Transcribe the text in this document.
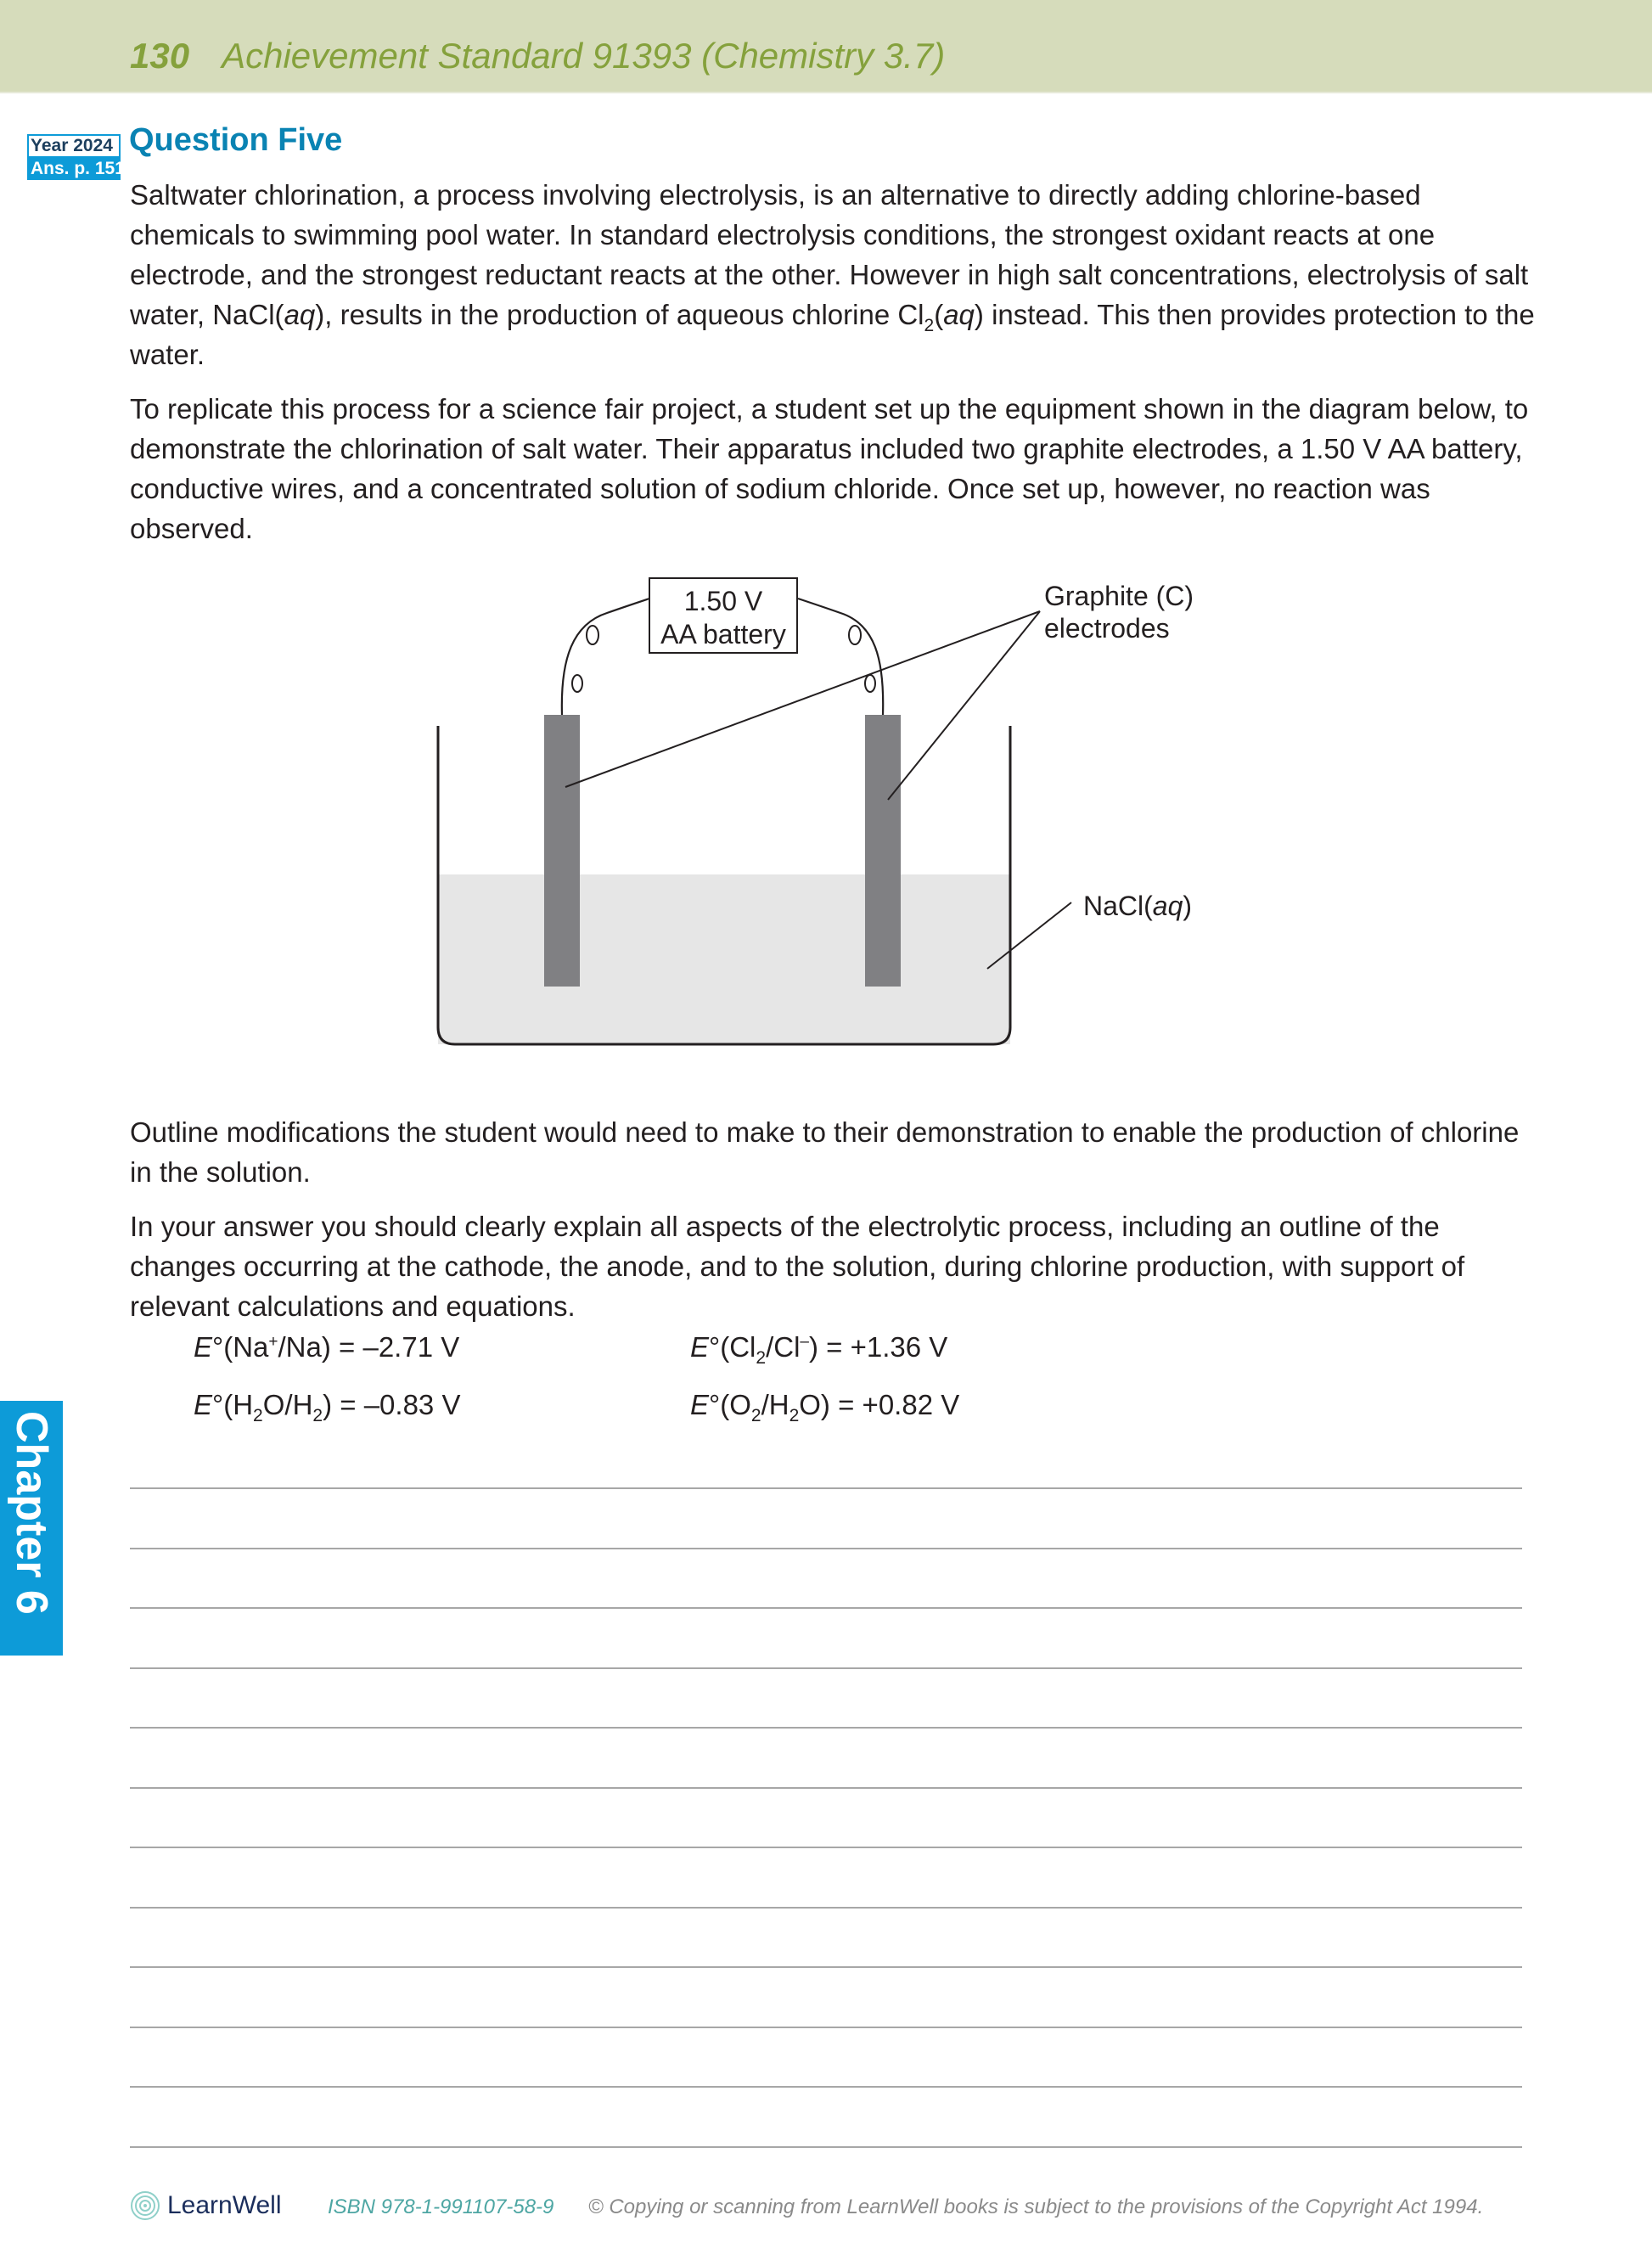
130 Achievement Standard 91393 (Chemistry 3.7)
Year 2024
Ans. p. 151
Question Five

Saltwater chlorination, a process involving electrolysis, is an alternative to directly adding chlorine-based chemicals to swimming pool water. In standard electrolysis conditions, the strongest oxidant reacts at one electrode, and the strongest reductant reacts at the other. However in high salt concentrations, electrolysis of salt water, NaCl(aq), results in the production of aqueous chlorine $Cl_2(aq)$ instead. This then provides protection to the water.

To replicate this process for a science fair project, a student set up the equipment shown in the diagram below, to demonstrate the chlorination of salt water. Their apparatus included two graphite electrodes, a 1.50 V AA battery, conductive wires, and a concentrated solution of sodium chloride. Once set up, however, no reaction was observed.

1.50 V
AA battery
Graphite (C)
electrodes
NaCl(aq)

Outline modifications the student would need to make to their demonstration to enable the production of chlorine in the solution.

In your answer you should clearly explain all aspects of the electrolytic process, including an outline of the changes occurring at the cathode, the anode, and to the solution, during chlorine production, with support of relevant calculations and equations.

E°(Na+/Na) = –2.71 V	$E^\circ(Cl_2/Cl^-) = +1.36$ V
$E^\circ(H_2O/H_2) = -0.83$ V	$E^\circ(O_2/H_2O) = +0.82$ V
Chapter 6
LearnWell ISBN 978-1-991107-58-9 © Copying or scanning from LearnWell books is subject to the provisions of the Copyright Act 1994.
